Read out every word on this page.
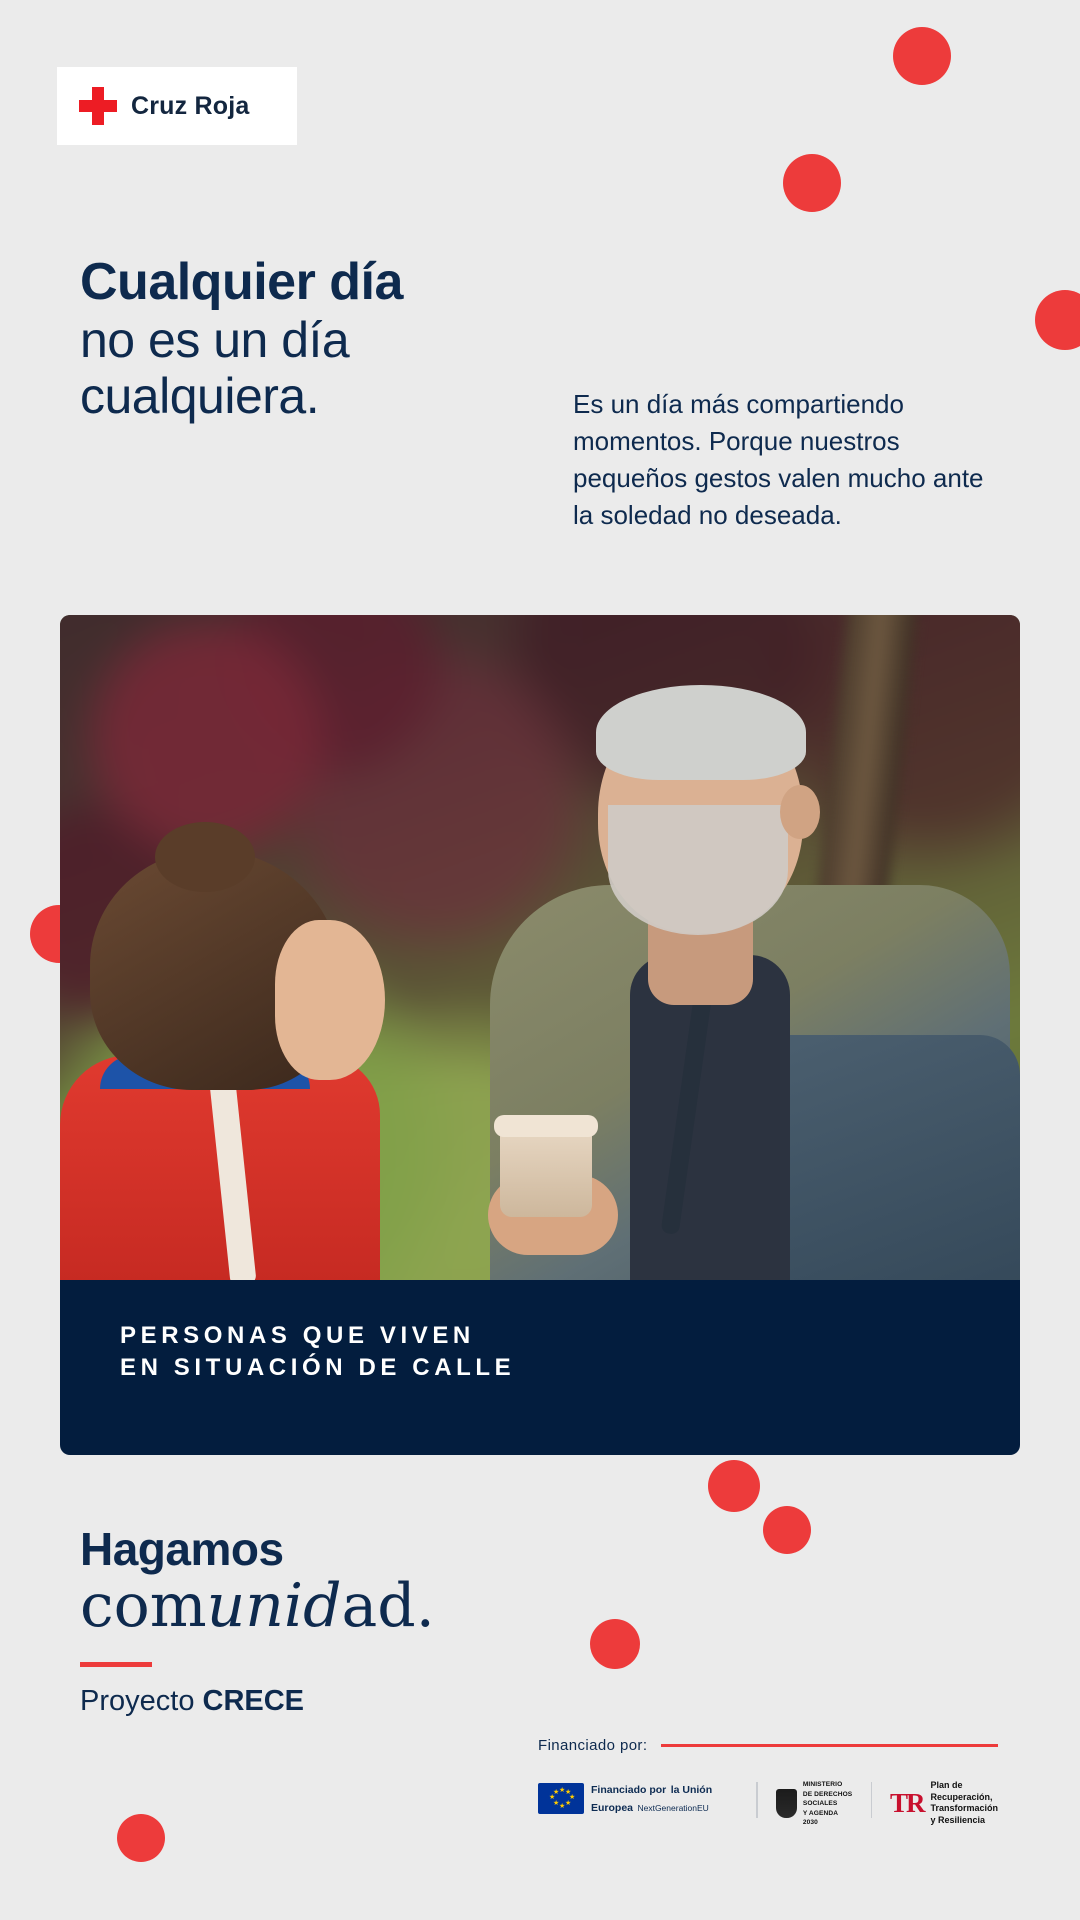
Cruz Roja
Cualquier día
no es un día
cualquiera.	Es un día más compartiendo momentos. Porque nuestros pequeños gestos valen mucho ante la soledad no deseada.

PERSONAS QUE VIVEN
EN SITUACIÓN DE CALLE
Hagamos
comunidad.
Proyecto CRECE
Financiado por:
★ ★
★
★
★
★
★
★	Financiado por la Unión Europea NextGenerationEU
MINISTERIO
DE DERECHOS SOCIALES
Y AGENDA 2030
TR
Plan de Recuperación,
Transformación
y Resiliencia
